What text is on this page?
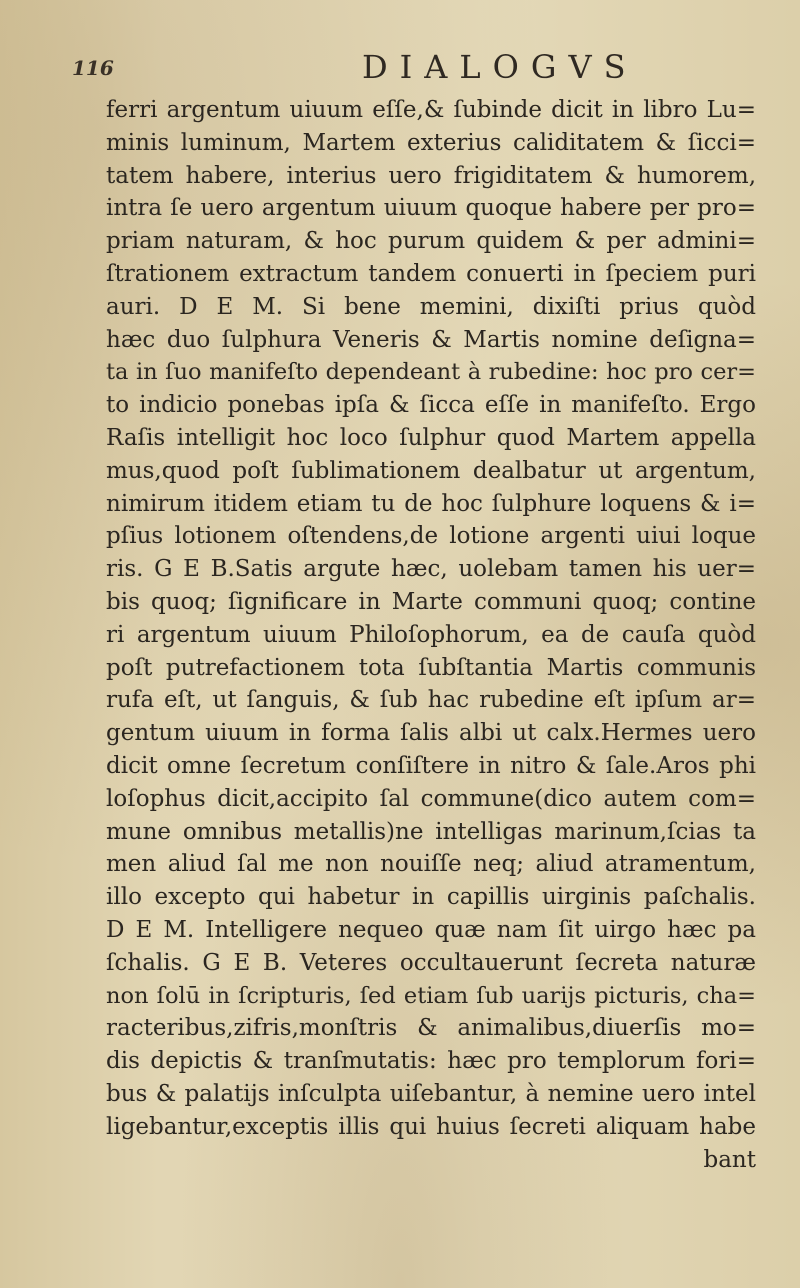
116	DIALOGVS
ferri argentum uiuum eſſe,& ſubinde dicit in libro Lu=
minis luminum, Martem exterius caliditatem & ſicci=
tatem habere, interius uero frigiditatem & humorem,
intra ſe uero argentum uiuum quoque habere per pro=
priam naturam, & hoc purum quidem & per admini=
ſtrationem extractum tandem conuerti in ſpeciem puri
auri. D E M. Si bene memini, dixiſti prius quòd
hæc duo ſulphura Veneris & Martis nomine deſigna=
ta in ſuo manifeſto dependeant à rubedine: hoc pro cer=
to indicio ponebas ipſa & ſicca eſſe in manifeſto. Ergo
Raſis intelligit hoc loco ſulphur quod Martem appella
mus,quod poſt ſublimationem dealbatur ut argentum,
nimirum itidem etiam tu de hoc ſulphure loquens & i=
pſius lotionem oſtendens,de lotione argenti uiui loque
ris. G E B.Satis argute hæc, uolebam tamen his uer=
bis quoq; ſignificare in Marte communi quoq; contine
ri argentum uiuum Philoſophorum, ea de cauſa quòd
poſt putrefactionem tota ſubſtantia Martis communis
rufa eſt, ut ſanguis, & ſub hac rubedine eſt ipſum ar=
gentum uiuum in forma ſalis albi ut calx.Hermes uero
dicit omne ſecretum conſiſtere in nitro & ſale.Aros phi
loſophus dicit,accipito ſal commune(dico autem com=
mune omnibus metallis)ne intelligas marinum,ſcias ta
men aliud ſal me non nouiſſe neq; aliud atramentum,
illo excepto qui habetur in capillis uirginis paſchalis.
D E M. Intelligere nequeo quæ nam ſit uirgo hæc pa
ſchalis. G E B. Veteres occultauerunt ſecreta naturæ
non ſolū in ſcripturis, ſed etiam ſub uarijs picturis, cha=
racteribus,zifris,monſtris & animalibus,diuerſis mo=
dis depictis & tranſmutatis: hæc pro templorum fori=
bus & palatijs inſculpta uiſebantur, à nemine uero intel
ligebantur,exceptis illis qui huius ſecreti aliquam habe
bant
